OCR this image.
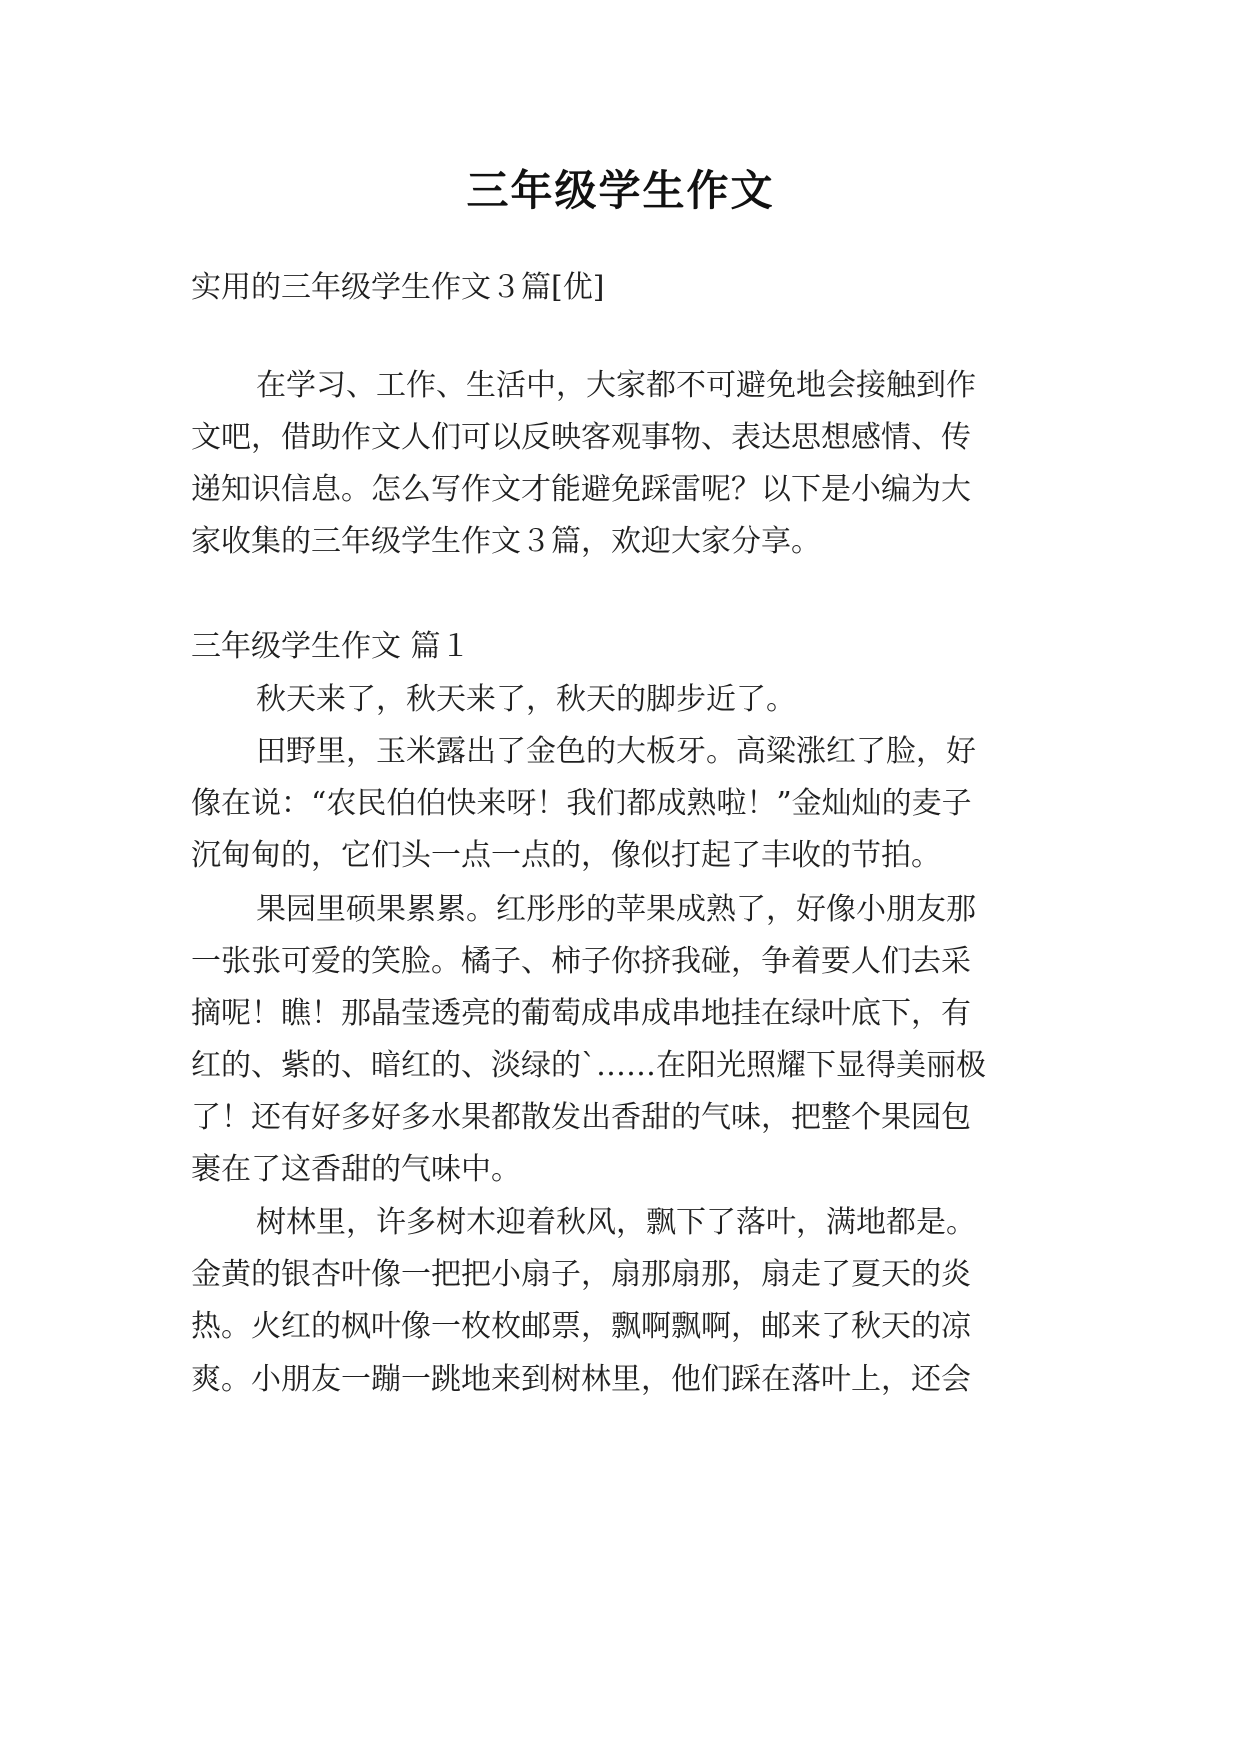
三年级学生作文
实用的三年级学生作文３篇[优]
在学习、工作、生活中，大家都不可避免地会接触到作
文吧，借助作文人们可以反映客观事物、表达思想感情、传
递知识信息。怎么写作文才能避免踩雷呢？以下是小编为大
家收集的三年级学生作文３篇，欢迎大家分享。
三年级学生作文 篇１
秋天来了，秋天来了，秋天的脚步近了。
田野里，玉米露出了金色的大板牙。高粱涨红了脸，好
像在说：“农民伯伯快来呀！我们都成熟啦！”金灿灿的麦子
沉甸甸的，它们头一点一点的，像似打起了丰收的节拍。
果园里硕果累累。红彤彤的苹果成熟了，好像小朋友那
一张张可爱的笑脸。橘子、柿子你挤我碰，争着要人们去采
摘呢！瞧！那晶莹透亮的葡萄成串成串地挂在绿叶底下，有
红的、紫的、暗红的、淡绿的`……在阳光照耀下显得美丽极
了！还有好多好多水果都散发出香甜的气味，把整个果园包
裹在了这香甜的气味中。
树林里，许多树木迎着秋风，飘下了落叶，满地都是。
金黄的银杏叶像一把把小扇子，扇那扇那，扇走了夏天的炎
热。火红的枫叶像一枚枚邮票，飘啊飘啊，邮来了秋天的凉
爽。小朋友一蹦一跳地来到树林里，他们踩在落叶上，还会
